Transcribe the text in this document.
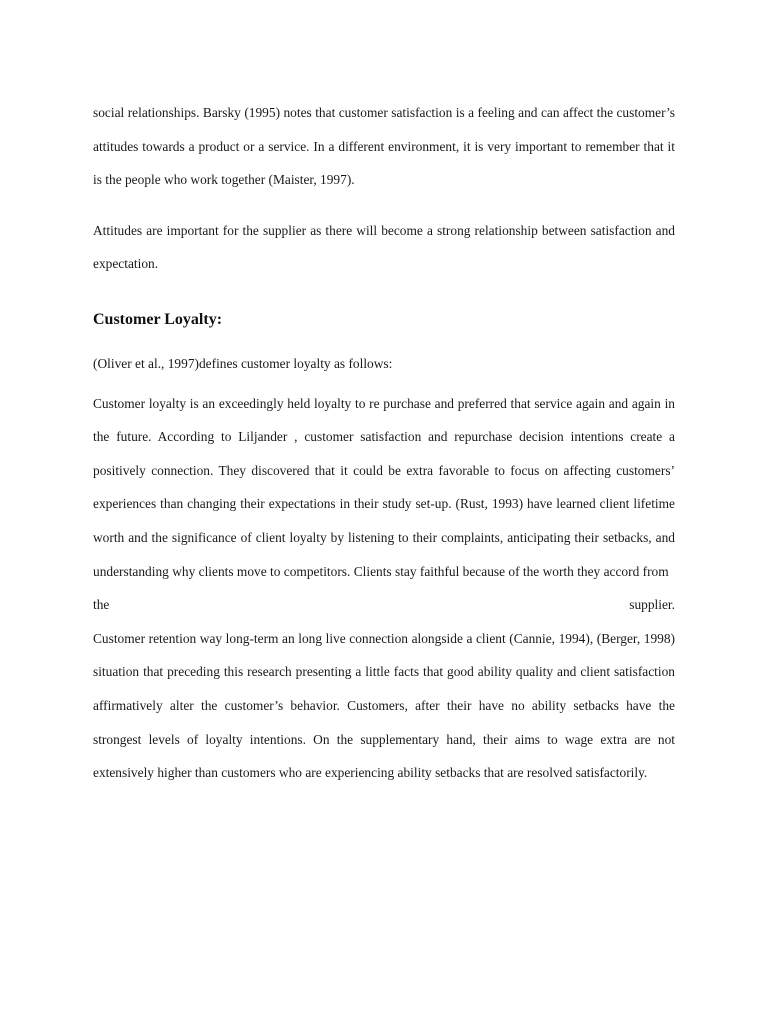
social relationships. Barsky (1995) notes that customer satisfaction is a feeling and can affect the customer’s attitudes towards a product or a service. In a different environment, it is very important to remember that it is the people who work together (Maister, 1997).

Attitudes are important for the supplier as there will become a strong relationship between satisfaction and expectation.

Customer Loyalty:

(Oliver et al., 1997)defines customer loyalty as follows:

Customer loyalty is an exceedingly held loyalty to re purchase and preferred that service again and again in the future. According to Liljander , customer satisfaction and repurchase decision intentions create a positively connection. They discovered that it could be extra favorable to focus on affecting customers’ experiences than changing their expectations in their study set-up. (Rust, 1993) have learned client lifetime worth and the significance of client loyalty by listening to their complaints, anticipating their setbacks, and understanding why clients move to competitors. Clients stay faithful because of the worth they accord from

the	supplier.

Customer retention way long-term an long live connection alongside a client (Cannie, 1994), (Berger, 1998) situation that preceding this research presenting a little facts that good ability quality and client satisfaction affirmatively alter the customer’s behavior. Customers, after their have no ability setbacks have the strongest levels of loyalty intentions. On the supplementary hand, their aims to wage extra are not extensively higher than customers who are experiencing ability setbacks that are resolved satisfactorily.
